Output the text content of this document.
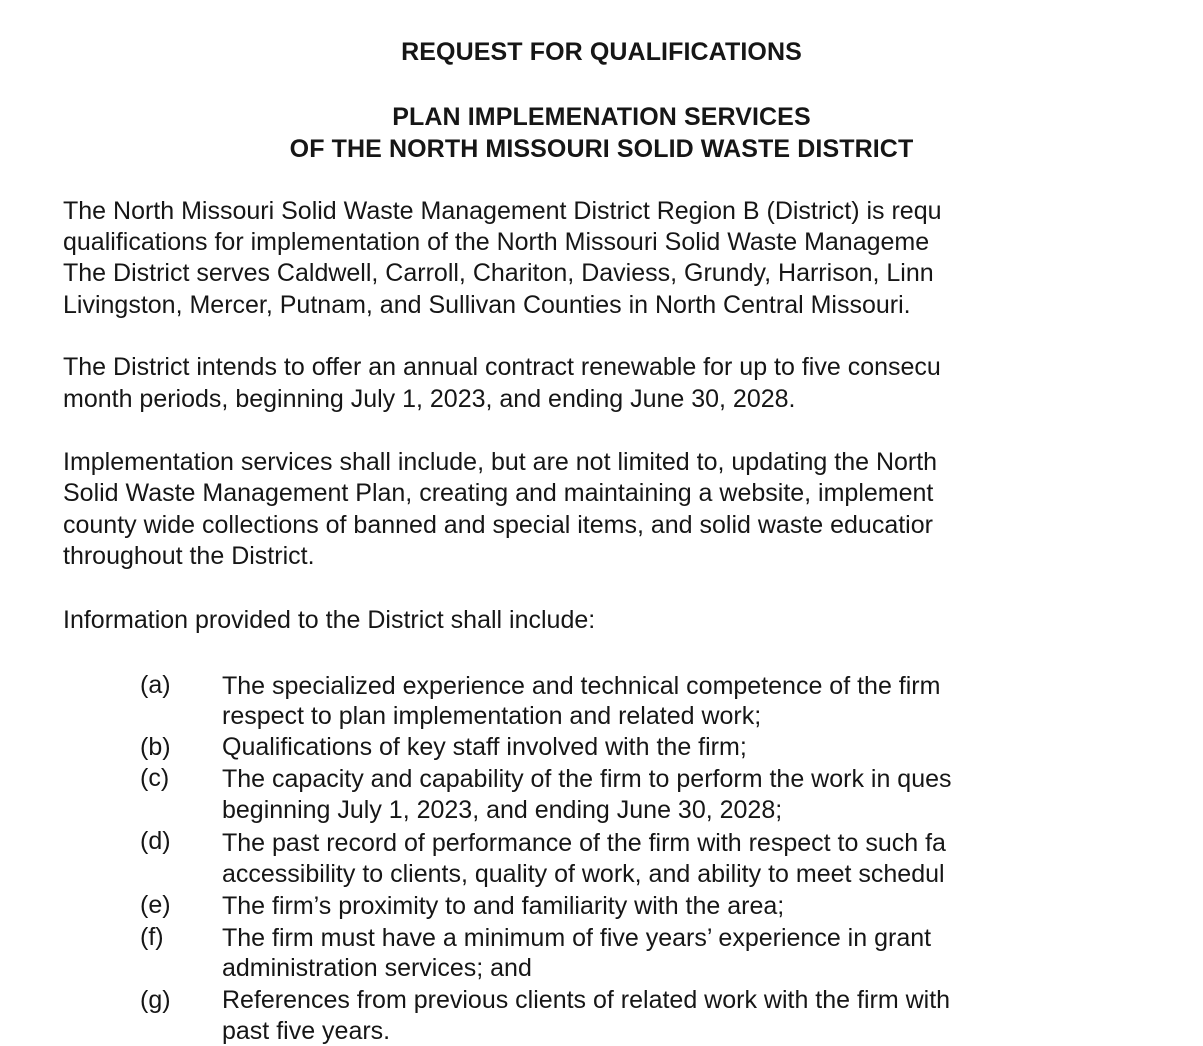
REQUEST FOR QUALIFICATIONS
PLAN IMPLEMENATION SERVICES
OF THE NORTH MISSOURI SOLID WASTE DISTRICT
The North Missouri Solid Waste Management District Region B (District) is requ
qualifications for implementation of the North Missouri Solid Waste Manageme
The District serves Caldwell, Carroll, Chariton, Daviess, Grundy, Harrison, Linn
Livingston, Mercer, Putnam, and Sullivan Counties in North Central Missouri.
The District intends to offer an annual contract renewable for up to five consecu
month periods, beginning July 1, 2023, and ending June 30, 2028.
Implementation services shall include, but are not limited to, updating the North
Solid Waste Management Plan, creating and maintaining a website, implement
county wide collections of banned and special items, and solid waste educatior
throughout the District.
Information provided to the District shall include:
(a) The specialized experience and technical competence of the firm
respect to plan implementation and related work;
(b) Qualifications of key staff involved with the firm;
(c) The capacity and capability of the firm to perform the work in ques
beginning July 1, 2023, and ending June 30, 2028;
(d) The past record of performance of the firm with respect to such fa
accessibility to clients, quality of work, and ability to meet schedul
(e) The firm’s proximity to and familiarity with the area;
(f) The firm must have a minimum of five years’ experience in grant
administration services; and
(g) References from previous clients of related work with the firm with
past five years.
